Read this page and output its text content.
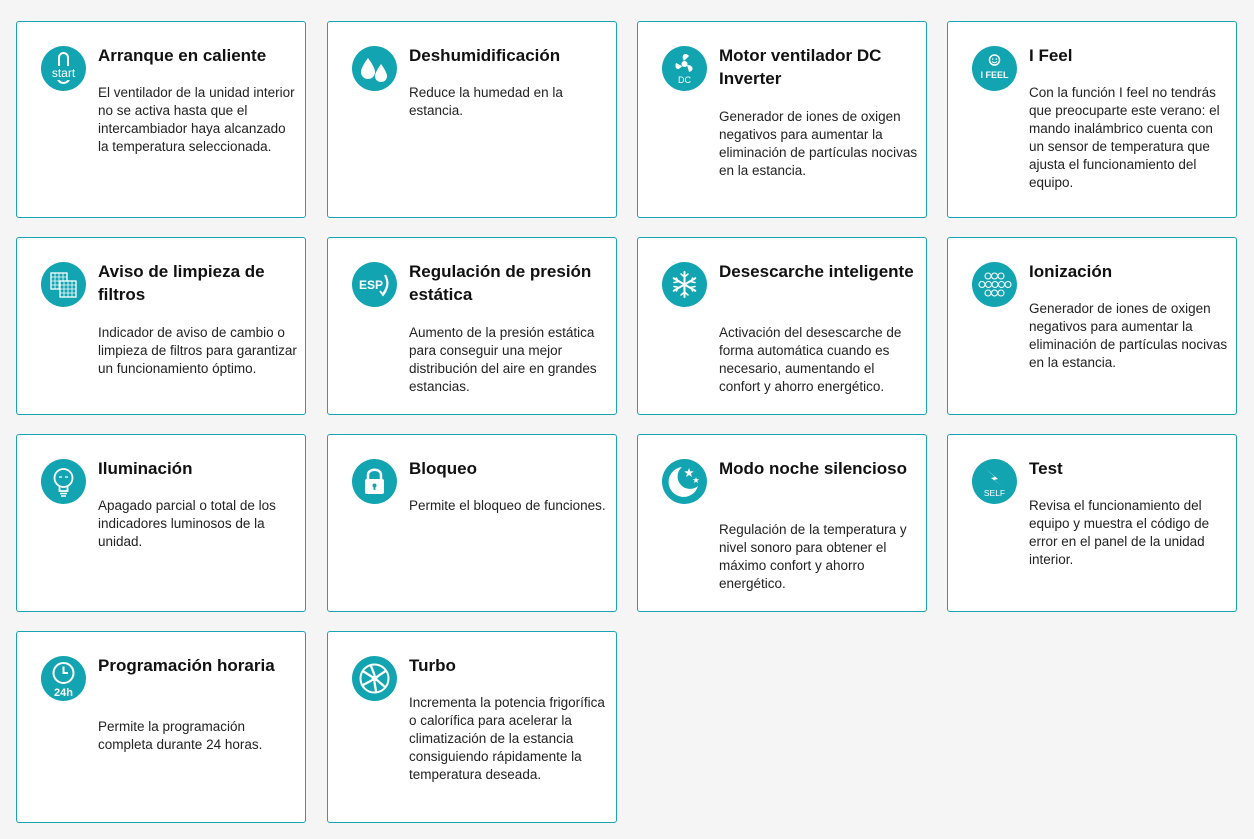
start
Arranque en caliente

El ventilador de la unidad interior no se activa hasta que el intercambiador haya alcanzado la temperatura seleccionada.

Deshumidificación

Reduce la humedad en la estancia.

DC
Motor ventilador DC Inverter

Generador de iones de oxigen negativos para aumentar la eliminación de partículas nocivas en la estancia.

I FEEL
I Feel

Con la función I feel no tendrás que preocuparte este verano: el mando inalámbrico cuenta con un sensor de temperatura que ajusta el funcionamiento del equipo.

Aviso de limpieza de filtros

Indicador de aviso de cambio o limpieza de filtros para garantizar un funcionamiento óptimo.

ESP
Regulación de presión estática

Aumento de la presión estática para conseguir una mejor distribución del aire en grandes estancias.

Desescarche inteligente

Activación del desescarche de forma automática cuando es necesario, aumentando el confort y ahorro energético.

Ionización

Generador de iones de oxigen negativos para aumentar la eliminación de partículas nocivas en la estancia.

Iluminación

Apagado parcial o total de los indicadores luminosos de la unidad.

Bloqueo

Permite el bloqueo de funciones.

Modo noche silencioso

Regulación de la temperatura y nivel sonoro para obtener el máximo confort y ahorro energético.

SELF
Test

Revisa el funcionamiento del equipo y muestra el código de error en el panel de la unidad interior.

24h
Programación horaria

Permite la programación completa durante 24 horas.

Turbo

Incrementa la potencia frigorífica o calorífica para acelerar la climatización de la estancia consiguiendo rápidamente la temperatura deseada.
